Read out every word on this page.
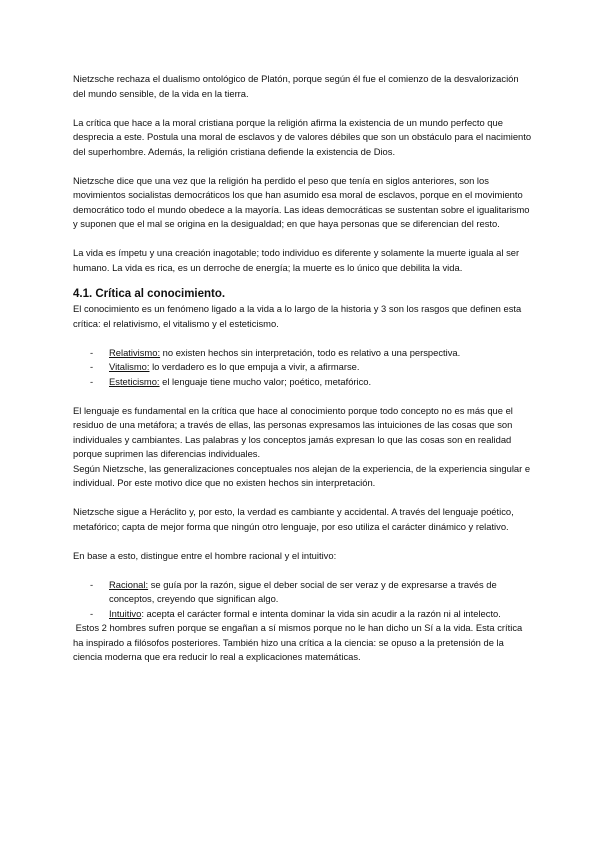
Nietzsche rechaza el dualismo ontológico de Platón, porque según él fue el comienzo de la desvalorización del mundo sensible, de la vida en la tierra.

La crítica que hace a la moral cristiana porque la religión afirma la existencia de un mundo perfecto que desprecia a este. Postula una moral de esclavos y de valores débiles que son un obstáculo para el nacimiento del superhombre. Además, la religión cristiana defiende la existencia de Dios.

Nietzsche dice que una vez que la religión ha perdido el peso que tenía en siglos anteriores, son los movimientos socialistas democráticos los que han asumido esa moral de esclavos, porque en el movimiento democrático todo el mundo obedece a la mayoría. Las ideas democráticas se sustentan sobre el igualitarismo y suponen que el mal se origina en la desigualdad; en que haya personas que se diferencian del resto.

La vida es ímpetu y una creación inagotable; todo individuo es diferente y solamente la muerte iguala al ser humano. La vida es rica, es un derroche de energía; la muerte es lo único que debilita la vida.

4.1. Crítica al conocimiento.

El conocimiento es un fenómeno ligado a la vida a lo largo de la historia y 3 son los rasgos que definen esta crítica: el relativismo, el vitalismo y el esteticismo.

- Relativismo: no existen hechos sin interpretación, todo es relativo a una perspectiva.
- Vitalismo: lo verdadero es lo que empuja a vivir, a afirmarse.
- Esteticismo: el lenguaje tiene mucho valor; poético, metafórico.

El lenguaje es fundamental en la crítica que hace al conocimiento porque todo concepto no es más que el residuo de una metáfora; a través de ellas, las personas expresamos las intuiciones de las cosas que son individuales y cambiantes. Las palabras y los conceptos jamás expresan lo que las cosas son en realidad porque suprimen las diferencias individuales.

Según Nietzsche, las generalizaciones conceptuales nos alejan de la experiencia, de la experiencia singular e individual. Por este motivo dice que no existen hechos sin interpretación.

Nietzsche sigue a Heráclito y, por esto, la verdad es cambiante y accidental. A través del lenguaje poético, metafórico; capta de mejor forma que ningún otro lenguaje, por eso utiliza el carácter dinámico y relativo.

En base a esto, distingue entre el hombre racional y el intuitivo:

- Racional: se guía por la razón, sigue el deber social de ser veraz y de expresarse a través de conceptos, creyendo que significan algo.
- Intuitivo: acepta el carácter formal e intenta dominar la vida sin acudir a la razón ni al intelecto.

Estos 2 hombres sufren porque se engañan a sí mismos porque no le han dicho un Sí a la vida. Esta crítica ha inspirado a filósofos posteriores. También hizo una crítica a la ciencia: se opuso a la pretensión de la ciencia moderna que era reducir lo real a explicaciones matemáticas.
